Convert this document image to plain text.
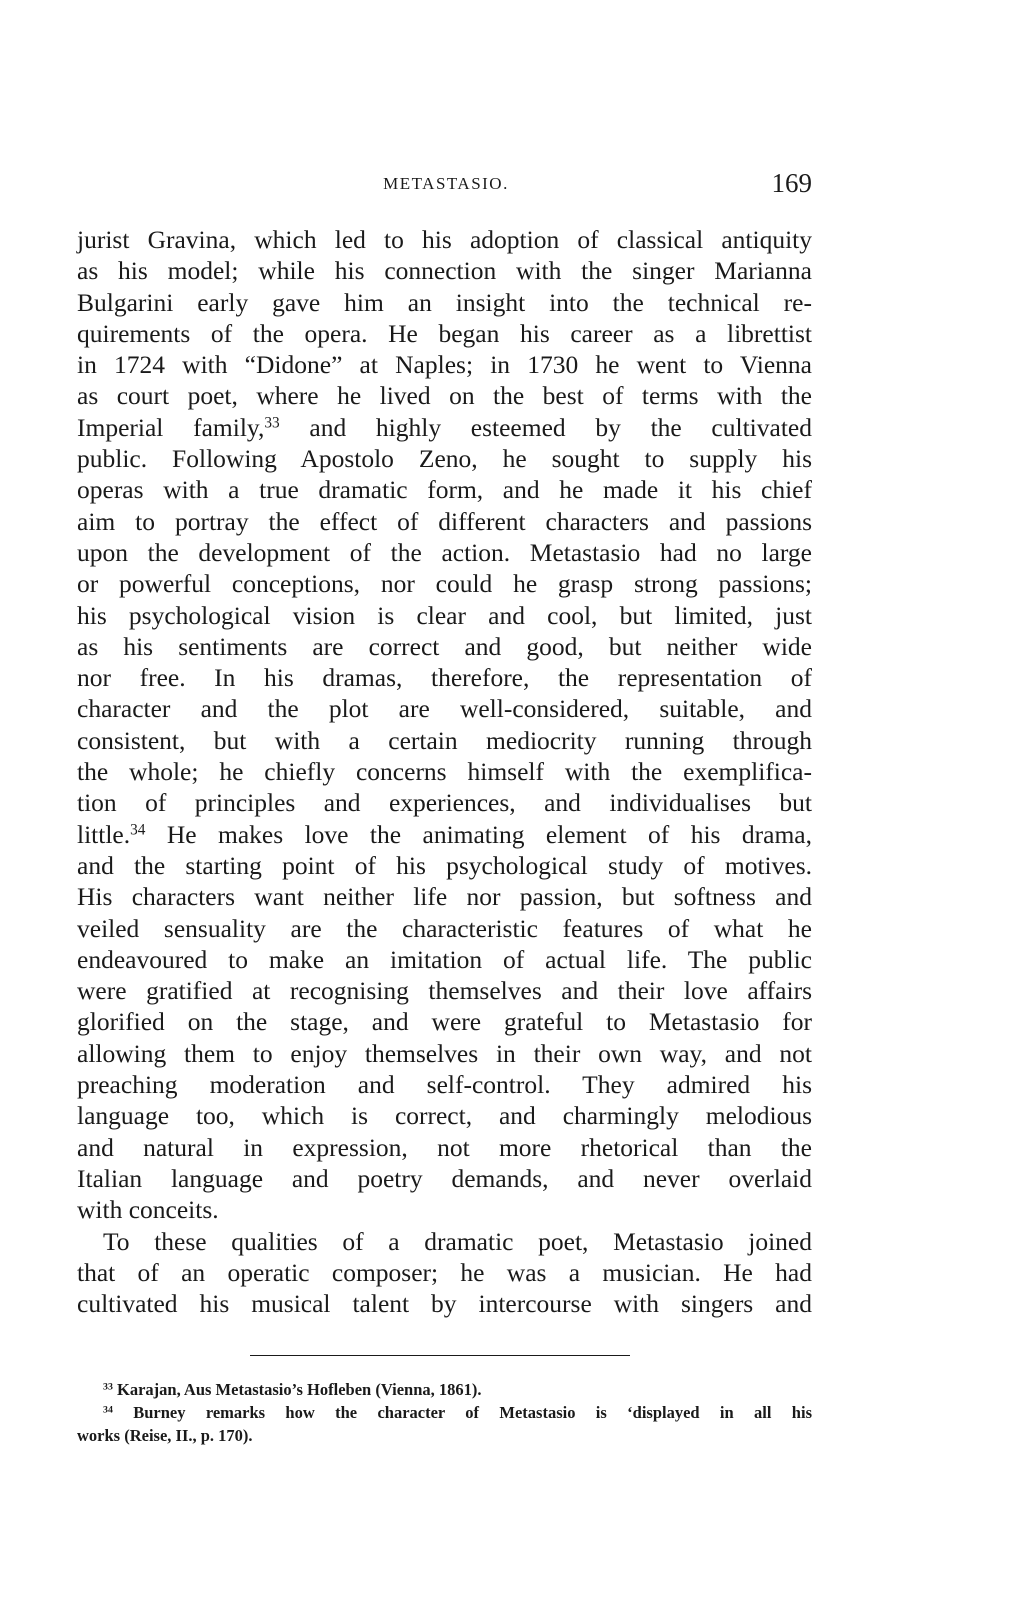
METASTASIO.	169
jurist Gravina, which led to his adoption of classical antiquity
as his model; while his connection with the singer Marianna
Bulgarini early gave him an insight into the technical re-
quirements of the opera. He began his career as a librettist
in 1724 with “Didone” at Naples; in 1730 he went to Vienna
as court poet, where he lived on the best of terms with the
Imperial family,$^{33}$ and highly esteemed by the cultivated
public. Following Apostolo Zeno, he sought to supply his
operas with a true dramatic form, and he made it his chief
aim to portray the effect of different characters and passions
upon the development of the action. Metastasio had no large
or powerful conceptions, nor could he grasp strong passions;
his psychological vision is clear and cool, but limited, just
as his sentiments are correct and good, but neither wide
nor free. In his dramas, therefore, the representation of
character and the plot are well-considered, suitable, and
consistent, but with a certain mediocrity running through
the whole; he chiefly concerns himself with the exemplifica-
tion of principles and experiences, and individualises but
little.$^{34}$ He makes love the animating element of his drama,
and the starting point of his psychological study of motives.
His characters want neither life nor passion, but softness and
veiled sensuality are the characteristic features of what he
endeavoured to make an imitation of actual life. The public
were gratified at recognising themselves and their love affairs
glorified on the stage, and were grateful to Metastasio for
allowing them to enjoy themselves in their own way, and not
preaching moderation and self-control. They admired his
language too, which is correct, and charmingly melodious
and natural in expression, not more rhetorical than the
Italian language and poetry demands, and never overlaid
with conceits.
To these qualities of a dramatic poet, Metastasio joined
that of an operatic composer; he was a musician. He had
cultivated his musical talent by intercourse with singers and
$^{33}$ Karajan, Aus Metastasio’s Hofleben (Vienna, 1861).
$^{34}$ Burney remarks how the character of Metastasio is ‘displayed in all his
works (Reise, II., p. 170).
